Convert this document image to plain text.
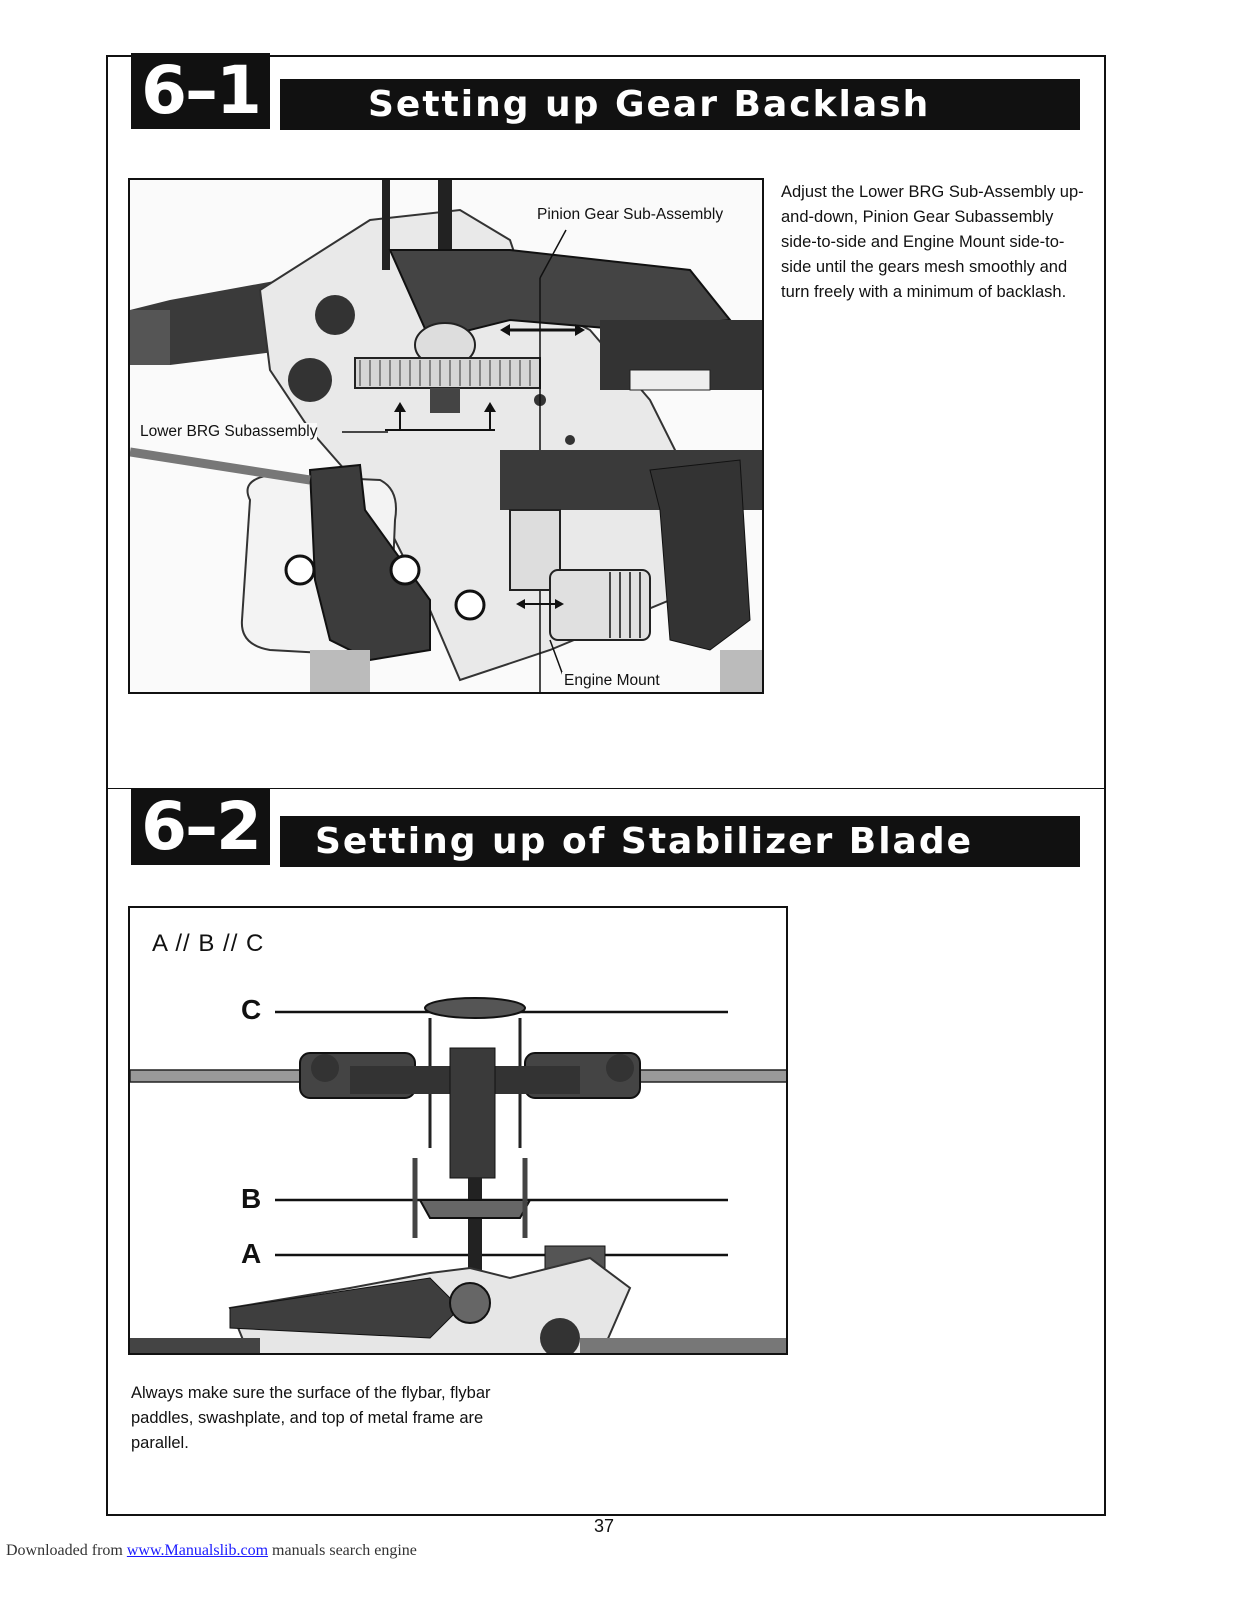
6–1	Setting up Gear Backlash
Pinion Gear Sub-Assembly
Lower BRG Subassembly
Engine Mount
Adjust the Lower BRG Sub-Assembly up-and-down, Pinion Gear Subassembly side-to-side and Engine Mount side-to-side until the gears mesh smoothly and turn freely with a minimum of backlash.
6–2	Setting up of Stabilizer Blade
A // B // C
C
B
A
Always make sure the surface of the flybar, flybar paddles, swashplate, and top of metal frame are parallel.
37
Downloaded from www.Manualslib.com manuals search engine
